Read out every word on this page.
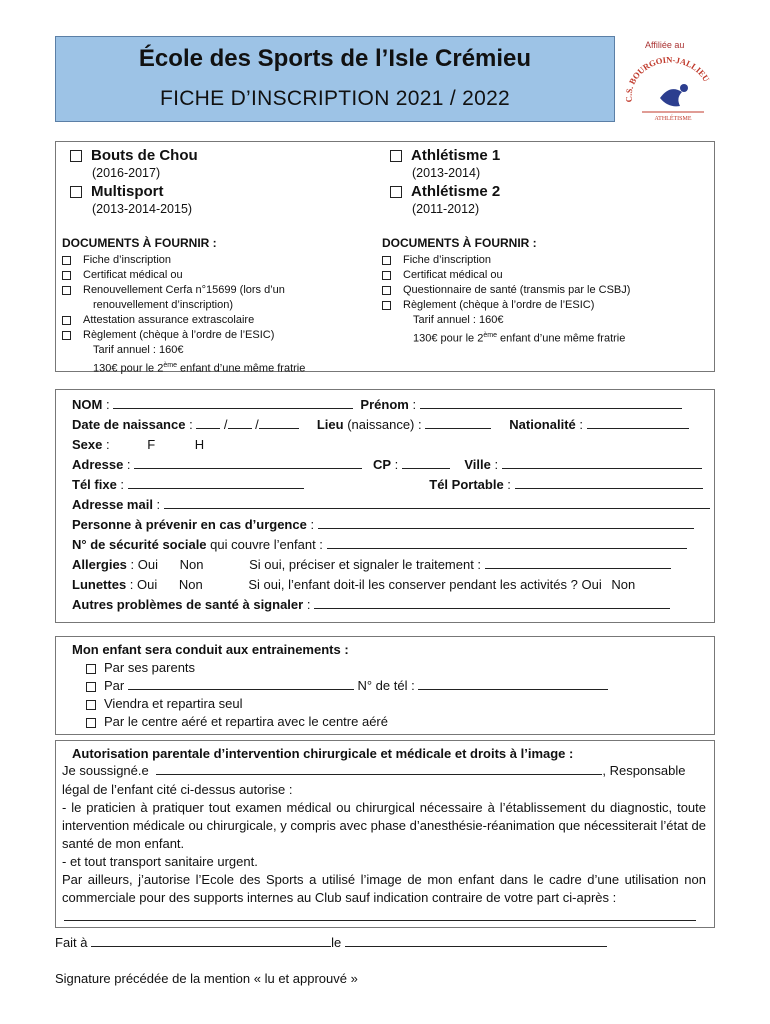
École des Sports de l’Isle Crémieu
FICHE D’INSCRIPTION 2021 / 2022
Affiliée au
C.S. BOURGOIN-JALLIEU
ATHLÉTISME
Bouts de Chou
(2016-2017)
Multisport
(2013-2014-2015)
DOCUMENTS À FOURNIR :
Fiche d’inscription
Certificat médical ou
Renouvellement Cerfa n°15699 (lors d’un
renouvellement d’inscription)
Attestation assurance extrascolaire
Règlement (chèque à l’ordre de l’ESIC)
Tarif annuel : 160€
130€ pour le 2ème enfant d’une même fratrie
Athlétisme 1
(2013-2014)
Athlétisme 2
(2011-2012)
DOCUMENTS À FOURNIR :
Fiche d’inscription
Certificat médical ou
Questionnaire de santé (transmis par le CSBJ)
Règlement (chèque à l’ordre de l’ESIC)
Tarif annuel : 160€
130€ pour le 2ème enfant d’une même fratrie
NOM :	Prénom :
Date de naissance :  / /	Lieu (naissance) :	Nationalité :
Sexe :	F	H
Adresse :	CP :	Ville :
Tél fixe :	Tél Portable :
Adresse mail :
Personne à prévenir en cas d’urgence :
N° de sécurité sociale qui couvre l’enfant :
Allergies : Oui Non	Si oui, préciser et signaler le traitement :
Lunettes : Oui Non	Si oui, l’enfant doit-il les conserver pendant les activités ? Oui Non
Autres problèmes de santé à signaler :
Mon enfant sera conduit aux entrainements :
Par ses parents
Par	N° de tél :
Viendra et repartira seul
Par le centre aéré et repartira avec le centre aéré
Autorisation parentale d’intervention chirurgicale et médicale et droits à l’image :
Je soussigné.e	, Responsable
légal de l’enfant cité ci-dessus autorise :
- le praticien à pratiquer tout examen médical ou chirurgical nécessaire à l’établissement du diagnostic, toute intervention médicale ou chirurgicale, y compris avec phase d’anesthésie-réanimation que nécessiterait l’état de santé de mon enfant.
- et tout transport sanitaire urgent.
Par ailleurs, j’autorise l’Ecole des Sports a utilisé l’image de mon enfant dans le cadre d’une utilisation non commerciale pour des supports internes au Club sauf indication contraire de votre part ci-après :
Fait à	le
Signature précédée de la mention « lu et approuvé »
